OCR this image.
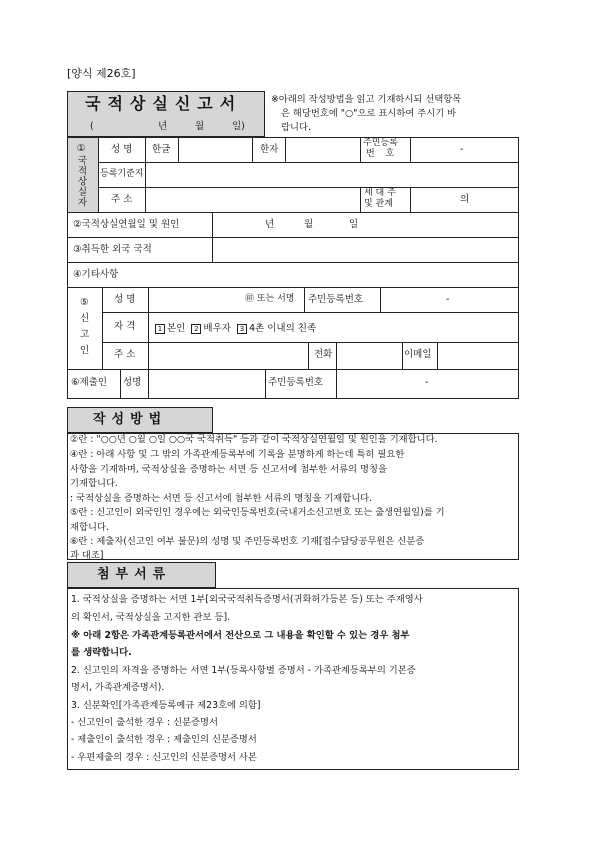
[양식 제26호]
국적상실신고서
(	년	월	일)
※아래의 작성방법을 읽고 기재하시되 선택항목
은 해당번호에 "○"으로 표시하여 주시기 바
랍니다.
①국적상실자	성 명 한글	한자
주민등록
번 호	-
등록기준지
주 소
세 대 주
및 관계	의
②국적상실연월일 및 원인	년	월	일
③취득한 외국 국적
④기타사항
⑤
신
고
인
성 명	㊞ 또는 서명 주민등록번호	-
자 격	1 본인 2 배우자 3 4촌 이내의 친족
주 소	전화	이메일
⑥제출인 성명	주민등록번호	-
작성방법
②란 : "○○년 ○월 ○일 ○○국 국적취득" 등과 같이 국적상실연월일 및 원인을 기재합니다.
④란 : 아래 사항 및 그 밖의 가족관계등록부에 기록을 분명하게 하는데 특히 필요한
사항을 기재하며, 국적상실을 증명하는 서면 등 신고서에 첨부한 서류의 명칭을
기재합니다.
: 국적상실을 증명하는 서면 등 신고서에 첨부한 서류의 명칭을 기재합니다.
⑤란 : 신고인이 외국인인 경우에는 외국인등록번호(국내거소신고번호 또는 출생연월일)를 기
재합니다.
⑥란 : 제출자(신고인 여부 불문)의 성명 및 주민등록번호 기재[접수담당공무원은 신분증
과 대조]
첨부서류
1. 국적상실을 증명하는 서면 1부[외국국적취득증명서(귀화허가등본 등) 또는 주재영사
의 확인서, 국적상실을 고지한 관보 등].
※ 아래 2항은 가족관계등록관서에서 전산으로 그 내용을 확인할 수 있는 경우 첨부
를 생략합니다.
2. 신고인의 자격을 증명하는 서면 1부(등록사항별 증명서 - 가족관계등록부의 기본증
명서, 가족관계증명서).
3. 신분확인[가족관계등록예규 제23호에 의함]
- 신고인이 출석한 경우 : 신분증명서
- 제출인이 출석한 경우 : 제출인의 신분증명서
- 우편제출의 경우 : 신고인의 신분증명서 사본
